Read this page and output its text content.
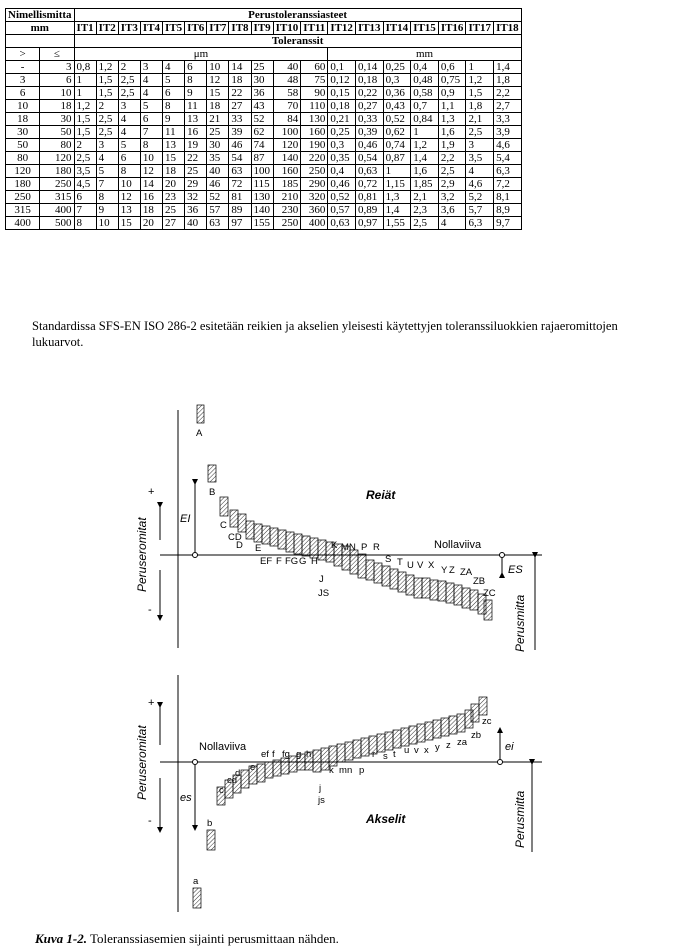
Nimellismitta		Perustoleranssiasteet																	
mm		IT1	IT2	IT3	IT4	IT5	IT6	IT7	IT8	IT9	IT10	IT11	IT12	IT13	IT14	IT15	IT16	IT17	IT18
		Toleranssit																	
>	≤	μm											mm						
-	3	0,8	1,2	2	3	4	6	10	14	25	40	60	0,1	0,14	0,25	0,4	0,6	1	1,4
3	6	1	1,5	2,5	4	5	8	12	18	30	48	75	0,12	0,18	0,3	0,48	0,75	1,2	1,8
6	10	1	1,5	2,5	4	6	9	15	22	36	58	90	0,15	0,22	0,36	0,58	0,9	1,5	2,2
10	18	1,2	2	3	5	8	11	18	27	43	70	110	0,18	0,27	0,43	0,7	1,1	1,8	2,7
18	30	1,5	2,5	4	6	9	13	21	33	52	84	130	0,21	0,33	0,52	0,84	1,3	2,1	3,3
30	50	1,5	2,5	4	7	11	16	25	39	62	100	160	0,25	0,39	0,62	1	1,6	2,5	3,9
50	80	2	3	5	8	13	19	30	46	74	120	190	0,3	0,46	0,74	1,2	1,9	3	4,6
80	120	2,5	4	6	10	15	22	35	54	87	140	220	0,35	0,54	0,87	1,4	2,2	3,5	5,4
120	180	3,5	5	8	12	18	25	40	63	100	160	250	0,4	0,63	1	1,6	2,5	4	6,3
180	250	4,5	7	10	14	20	29	46	72	115	185	290	0,46	0,72	1,15	1,85	2,9	4,6	7,2
250	315	6	8	12	16	23	32	52	81	130	210	320	0,52	0,81	1,3	2,1	3,2	5,2	8,1
315	400	7	9	13	18	25	36	57	89	140	230	360	0,57	0,89	1,4	2,3	3,6	5,7	8,9
400	500	8	10	15	20	27	40	63	97	155	250	400	0,63	0,97	1,55	2,5	4	6,3	9,7
Standardissa SFS-EN ISO 286-2 esitetään reikien ja akselien yleisesti käytettyjen toleranssiluokkien rajaeromittojen lukuarvot.
+
-
Reiät
Nollaviiva
EI
ES
Peruseromitat
Perusmitta
A
B
C
CD
D E
EF F FG G H
J
JS
K M N P R
S T U V X Y Z ZA
ZB
ZC
+
-	Akselit
Nollaviiva
es
ei
Peruseromitat
Perusmitta
a
b
c
cd
d
e
ef f fg g h
j
js
k m n p
r s t u v x y z za
zb
zc
Kuva 1-2. Toleranssiasemien sijainti perusmittaan nähden.
